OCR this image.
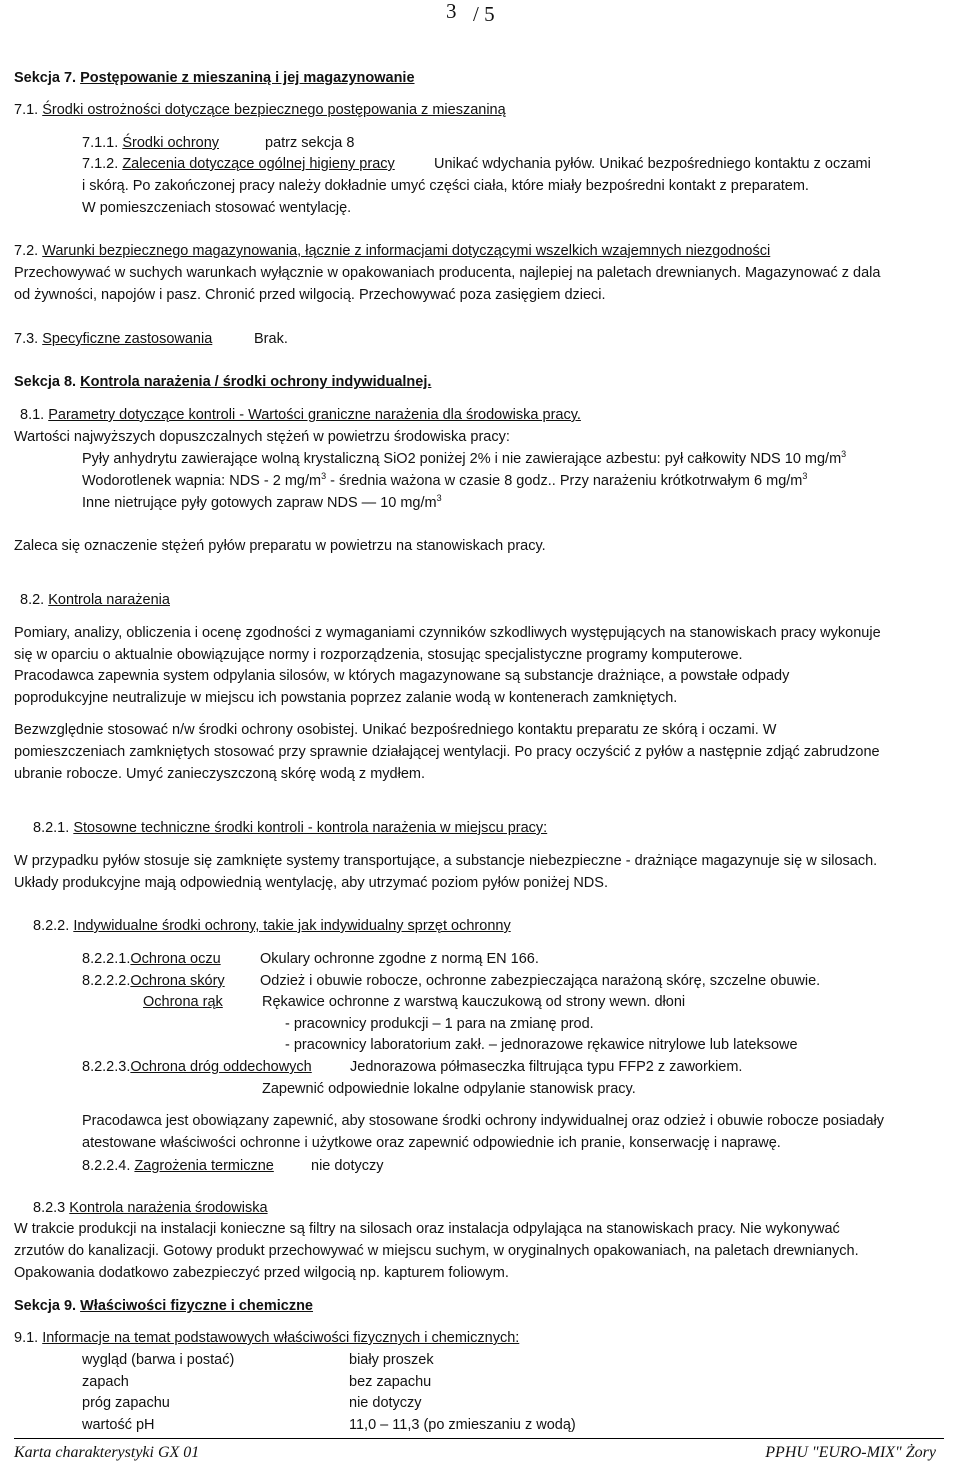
3 / 5
Sekcja 7. Postępowanie z mieszaniną i jej magazynowanie
7.1. Środki ostrożności dotyczące bezpiecznego postępowania z mieszaniną
7.1.1. Środki ochrony	patrz sekcja 8
7.1.2. Zalecenia dotyczące ogólnej higieny pracy	Unikać wdychania pyłów. Unikać bezpośredniego kontaktu z oczami
i skórą. Po zakończonej pracy należy dokładnie umyć części ciała, które miały bezpośredni kontakt z preparatem.
W pomieszczeniach stosować wentylację.
7.2. Warunki bezpiecznego magazynowania, łącznie z informacjami dotyczącymi wszelkich wzajemnych niezgodności
Przechowywać w suchych warunkach wyłącznie w opakowaniach producenta, najlepiej na paletach drewnianych. Magazynować z dala
od żywności, napojów i pasz. Chronić przed wilgocią. Przechowywać poza zasięgiem dzieci.
7.3. Specyficzne zastosowania	Brak.
Sekcja 8. Kontrola narażenia / środki ochrony indywidualnej.
8.1. Parametry dotyczące kontroli - Wartości graniczne narażenia dla środowiska pracy.
Wartości najwyższych dopuszczalnych stężeń w powietrzu środowiska pracy:
Pyły anhydrytu zawierające wolną krystaliczną SiO2 poniżej 2% i nie zawierające azbestu: pył całkowity NDS 10 $mg/m^3$
Wodorotlenek wapnia: NDS - 2 $mg/m^3$ - średnia ważona w czasie 8 godz.. Przy narażeniu krótkotrwałym 6 $mg/m^3$
Inne nietrujące pyły gotowych zapraw NDS — 10 $mg/m^3$
Zaleca się oznaczenie stężeń pyłów preparatu w powietrzu na stanowiskach pracy.
8.2. Kontrola narażenia
Pomiary, analizy, obliczenia i ocenę zgodności z wymaganiami czynników szkodliwych występujących na stanowiskach pracy wykonuje
się w oparciu o aktualnie obowiązujące normy i rozporządzenia, stosując specjalistyczne programy komputerowe.
Pracodawca zapewnia system odpylania silosów, w których magazynowane są substancje drażniące, a powstałe odpady
poprodukcyjne neutralizuje w miejscu ich powstania poprzez zalanie wodą w kontenerach zamkniętych.
Bezwzględnie stosować n/w środki ochrony osobistej. Unikać bezpośredniego kontaktu preparatu ze skórą i oczami. W
pomieszczeniach zamkniętych stosować przy sprawnie działającej wentylacji. Po pracy oczyścić z pyłów a następnie zdjąć zabrudzone
ubranie robocze. Umyć zanieczyszczoną skórę wodą z mydłem.
8.2.1. Stosowne techniczne środki kontroli - kontrola narażenia w miejscu pracy:
W przypadku pyłów stosuje się zamknięte systemy transportujące, a substancje niebezpieczne - drażniące magazynuje się w silosach.
Układy produkcyjne mają odpowiednią wentylację, aby utrzymać poziom pyłów poniżej NDS.
8.2.2. Indywidualne środki ochrony, takie jak indywidualny sprzęt ochronny
8.2.2.1.Ochrona oczu	Okulary ochronne zgodne z normą EN 166.
8.2.2.2.Ochrona skóry Odzież i obuwie robocze, ochronne zabezpieczająca narażoną skórę, szczelne obuwie.
Ochrona rąk	Rękawice ochronne z warstwą kauczukową od strony wewn. dłoni
- pracownicy produkcji – 1 para na zmianę prod.
- pracownicy laboratorium zakł. – jednorazowe rękawice nitrylowe lub lateksowe
8.2.2.3.Ochrona dróg oddechowych	Jednorazowa półmaseczka filtrująca typu FFP2 z zaworkiem.
Zapewnić odpowiednie lokalne odpylanie stanowisk pracy.
Pracodawca jest obowiązany zapewnić, aby stosowane środki ochrony indywidualnej oraz odzież i obuwie robocze posiadały
atestowane właściwości ochronne i użytkowe oraz zapewnić odpowiednie ich pranie, konserwację i naprawę.
8.2.2.4. Zagrożenia termiczne	nie dotyczy
8.2.3 Kontrola narażenia środowiska
W trakcie produkcji na instalacji konieczne są filtry na silosach oraz instalacja odpylająca na stanowiskach pracy. Nie wykonywać
zrzutów do kanalizacji. Gotowy produkt przechowywać w miejscu suchym, w oryginalnych opakowaniach, na paletach drewnianych.
Opakowania dodatkowo zabezpieczyć przed wilgocią np. kapturem foliowym.
Sekcja 9. Właściwości fizyczne i chemiczne
9.1. Informacje na temat podstawowych właściwości fizycznych i chemicznych:
wygląd (barwa i postać)	biały proszek
zapach	bez zapachu
próg zapachu	nie dotyczy
wartość pH	11,0 – 11,3 (po zmieszaniu z wodą)
Karta charakterystyki GX 01	PPHU "EURO-MIX" Żory
